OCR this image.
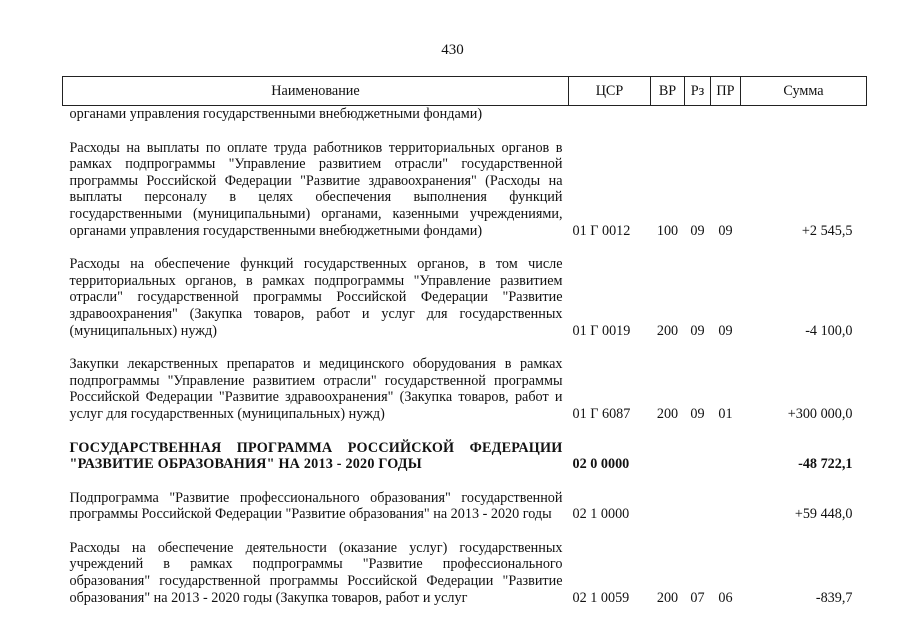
430
Наименование	ЦСР	ВР	Рз	ПР	Сумма
органами управления государственными внебюджетными фондами)					

Расходы на выплаты по оплате труда работников территориальных органов в рамках подпрограммы "Управление развитием отрасли" государственной программы Российской Федерации "Развитие здравоохранения" (Расходы на выплаты персоналу в целях обеспечения выполнения функций государственными (муниципальными) органами, казенными учреждениями, органами управления государственными внебюджетными фондами)	01 Г 0012	100	09	09	+2 545,5

Расходы на обеспечение функций государственных органов, в том числе территориальных органов, в рамках подпрограммы "Управление развитием отрасли" государственной программы Российской Федерации "Развитие здравоохранения" (Закупка товаров, работ и услуг для государственных (муниципальных) нужд)	01 Г 0019	200	09	09	-4 100,0

Закупки лекарственных препаратов и медицинского оборудования в рамках подпрограммы "Управление развитием отрасли" государственной программы Российской Федерации "Развитие здравоохранения" (Закупка товаров, работ и услуг для государственных (муниципальных) нужд)	01 Г 6087	200	09	01	+300 000,0

ГОСУДАРСТВЕННАЯ ПРОГРАММА РОССИЙСКОЙ ФЕДЕРАЦИИ "РАЗВИТИЕ ОБРАЗОВАНИЯ" НА 2013 - 2020 ГОДЫ	02 0 0000				-48 722,1

Подпрограмма "Развитие профессионального образования" государственной программы Российской Федерации "Развитие образования" на 2013 - 2020 годы	02 1 0000				+59 448,0

Расходы на обеспечение деятельности (оказание услуг) государственных учреждений в рамках подпрограммы "Развитие профессионального образования" государственной программы Российской Федерации "Развитие образования" на 2013 - 2020 годы (Закупка товаров, работ и услуг	02 1 0059	200	07	06	-839,7
